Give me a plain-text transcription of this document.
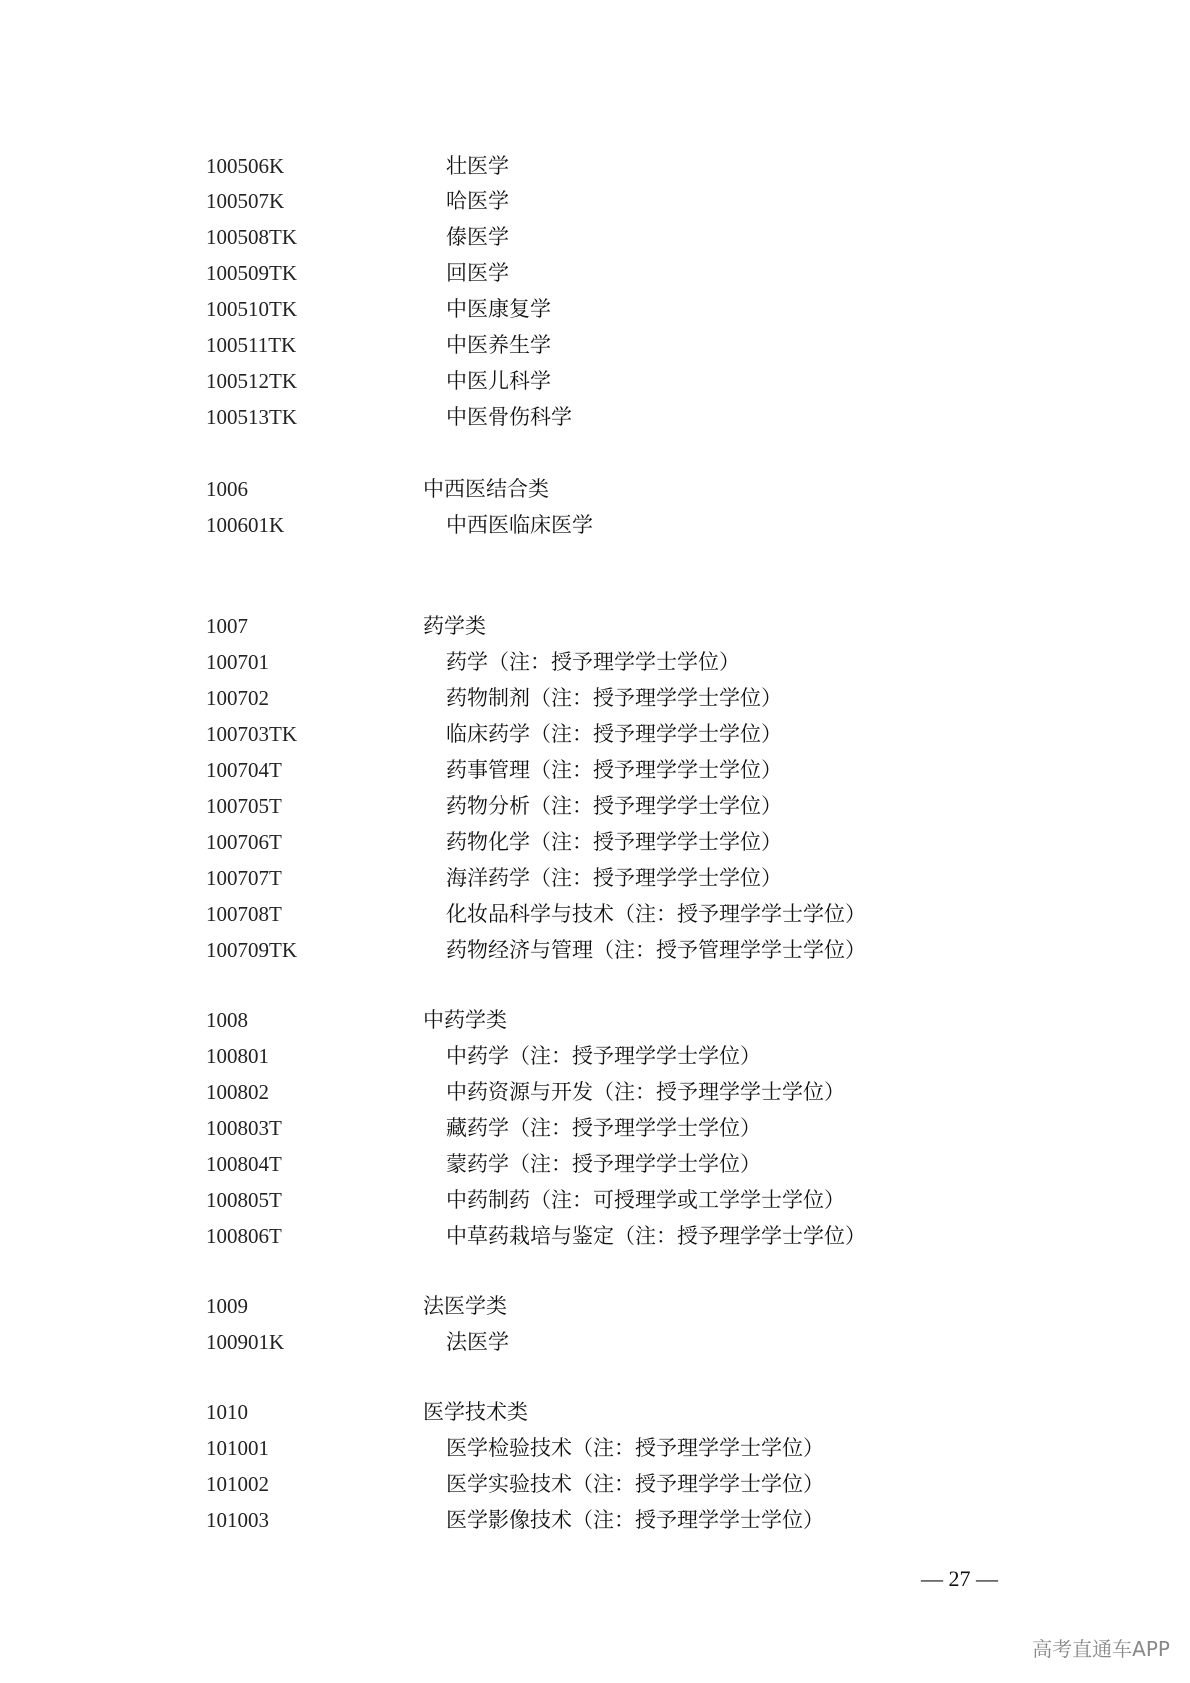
100506K	壮医学
100507K	哈医学
100508TK	傣医学
100509TK	回医学
100510TK	中医康复学
100511TK	中医养生学
100512TK	中医儿科学
100513TK	中医骨伤科学
1006	中西医结合类
100601K	中西医临床医学
1007	药学类
100701	药学（注：授予理学学士学位）
100702	药物制剂（注：授予理学学士学位）
100703TK	临床药学（注：授予理学学士学位）
100704T	药事管理（注：授予理学学士学位）
100705T	药物分析（注：授予理学学士学位）
100706T	药物化学（注：授予理学学士学位）
100707T	海洋药学（注：授予理学学士学位）
100708T	化妆品科学与技术（注：授予理学学士学位）
100709TK	药物经济与管理（注：授予管理学学士学位）
1008	中药学类
100801	中药学（注：授予理学学士学位）
100802	中药资源与开发（注：授予理学学士学位）
100803T	藏药学（注：授予理学学士学位）
100804T	蒙药学（注：授予理学学士学位）
100805T	中药制药（注：可授理学或工学学士学位）
100806T	中草药栽培与鉴定（注：授予理学学士学位）
1009	法医学类
100901K	法医学
1010	医学技术类
101001	医学检验技术（注：授予理学学士学位）
101002	医学实验技术（注：授予理学学士学位）
101003	医学影像技术（注：授予理学学士学位）
— 27 —
高考直通车APP
